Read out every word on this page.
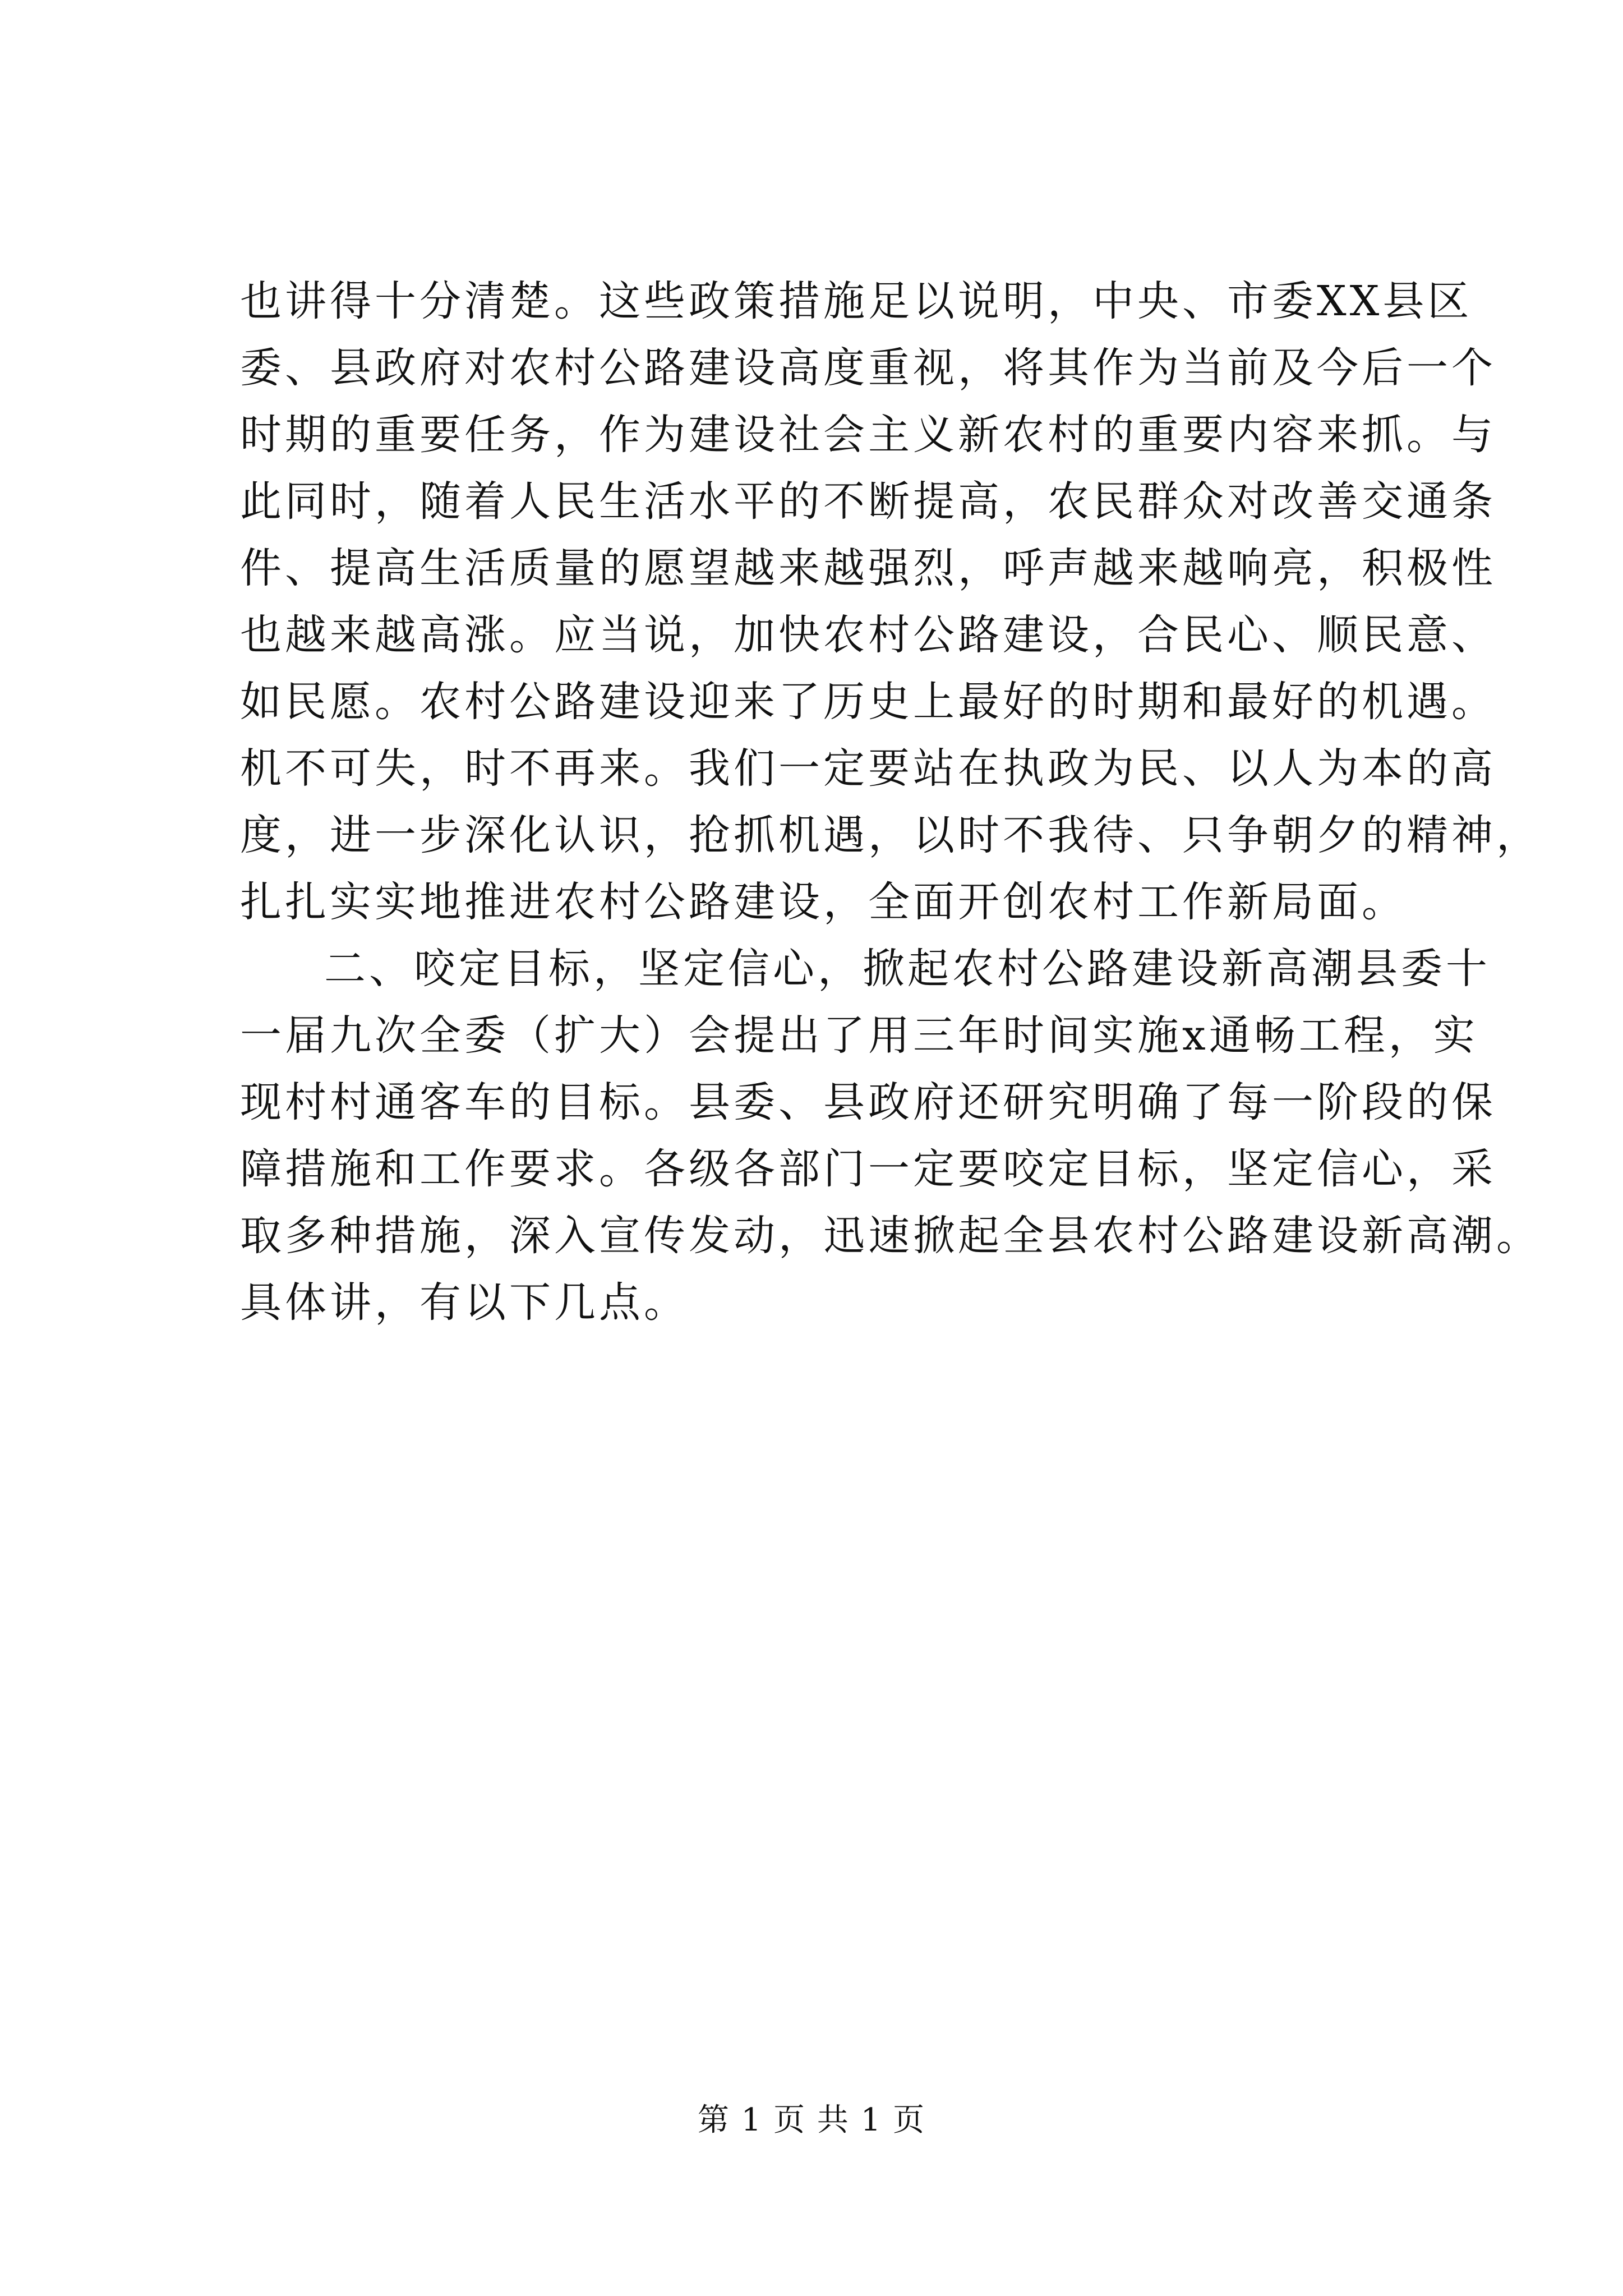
也讲得十分清楚。这些政策措施足以说明，中央、市委XX县区
委、县政府对农村公路建设高度重视，将其作为当前及今后一个
时期的重要任务，作为建设社会主义新农村的重要内容来抓。与
此同时，随着人民生活水平的不断提高，农民群众对改善交通条
件、提高生活质量的愿望越来越强烈，呼声越来越响亮，积极性
也越来越高涨。应当说，加快农村公路建设，合民心、顺民意、
如民愿。农村公路建设迎来了历史上最好的时期和最好的机遇。
机不可失，时不再来。我们一定要站在执政为民、以人为本的高
度，进一步深化认识，抢抓机遇，以时不我待、只争朝夕的精神，
扎扎实实地推进农村公路建设，全面开创农村工作新局面。
二、咬定目标，坚定信心，掀起农村公路建设新高潮县委十
一届九次全委（扩大）会提出了用三年时间实施x通畅工程，实
现村村通客车的目标。县委、县政府还研究明确了每一阶段的保
障措施和工作要求。各级各部门一定要咬定目标，坚定信心，采
取多种措施，深入宣传发动，迅速掀起全县农村公路建设新高潮。
具体讲，有以下几点。
第 1 页 共 1 页
